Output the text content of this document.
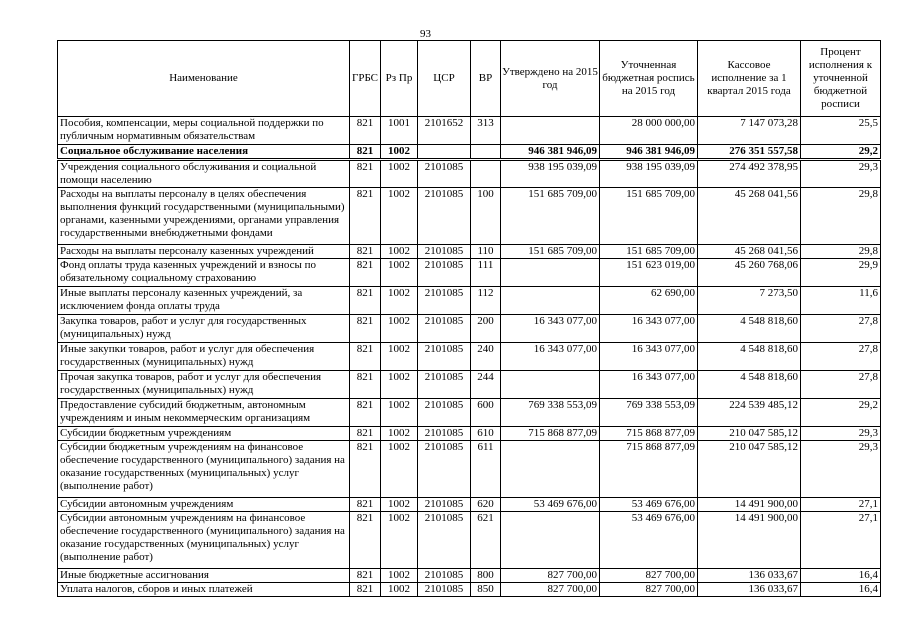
93
Наименование	ГРБС	Рз Пр	ЦСР	ВР	Утверждено на 2015 год	Уточненная бюджетная роспись на 2015 год	Кассовое исполнение за 1 квартал 2015 года	Процент исполнения к уточненной бюджетной росписи
Пособия, компенсации, меры социальной поддержки по публичным нормативным обязательствам	821	1001	2101652	313		28 000 000,00	7 147 073,28	25,5
Социальное обслуживание населения	821	1002			946 381 946,09	946 381 946,09	276 351 557,58	29,2
Учреждения социального обслуживания и социальной помощи населению	821	1002	2101085		938 195 039,09	938 195 039,09	274 492 378,95	29,3
Расходы на выплаты персоналу в целях обеспечения выполнения функций государственными (муниципальными) органами, казенными учреждениями, органами управления государственными внебюджетными фондами	821	1002	2101085	100	151 685 709,00	151 685 709,00	45 268 041,56	29,8
Расходы на выплаты персоналу казенных учреждений	821	1002	2101085	110	151 685 709,00	151 685 709,00	45 268 041,56	29,8
Фонд оплаты труда казенных учреждений и взносы по обязательному социальному страхованию	821	1002	2101085	111		151 623 019,00	45 260 768,06	29,9
Иные выплаты персоналу казенных учреждений, за исключением фонда оплаты труда	821	1002	2101085	112		62 690,00	7 273,50	11,6
Закупка товаров, работ и услуг для государственных (муниципальных) нужд	821	1002	2101085	200	16 343 077,00	16 343 077,00	4 548 818,60	27,8
Иные закупки товаров, работ и услуг для обеспечения государственных (муниципальных) нужд	821	1002	2101085	240	16 343 077,00	16 343 077,00	4 548 818,60	27,8
Прочая закупка товаров, работ и услуг для обеспечения государственных (муниципальных) нужд	821	1002	2101085	244		16 343 077,00	4 548 818,60	27,8
Предоставление субсидий бюджетным, автономным учреждениям и иным некоммерческим организациям	821	1002	2101085	600	769 338 553,09	769 338 553,09	224 539 485,12	29,2
Субсидии бюджетным учреждениям	821	1002	2101085	610	715 868 877,09	715 868 877,09	210 047 585,12	29,3
Субсидии бюджетным учреждениям на финансовое обеспечение государственного (муниципального) задания на оказание государственных (муниципальных) услуг (выполнение работ)	821	1002	2101085	611		715 868 877,09	210 047 585,12	29,3
Субсидии автономным учреждениям	821	1002	2101085	620	53 469 676,00	53 469 676,00	14 491 900,00	27,1
Субсидии автономным учреждениям на финансовое обеспечение государственного (муниципального) задания на оказание государственных (муниципальных) услуг (выполнение работ)	821	1002	2101085	621		53 469 676,00	14 491 900,00	27,1
Иные бюджетные ассигнования	821	1002	2101085	800	827 700,00	827 700,00	136 033,67	16,4
Уплата налогов, сборов и иных платежей	821	1002	2101085	850	827 700,00	827 700,00	136 033,67	16,4
